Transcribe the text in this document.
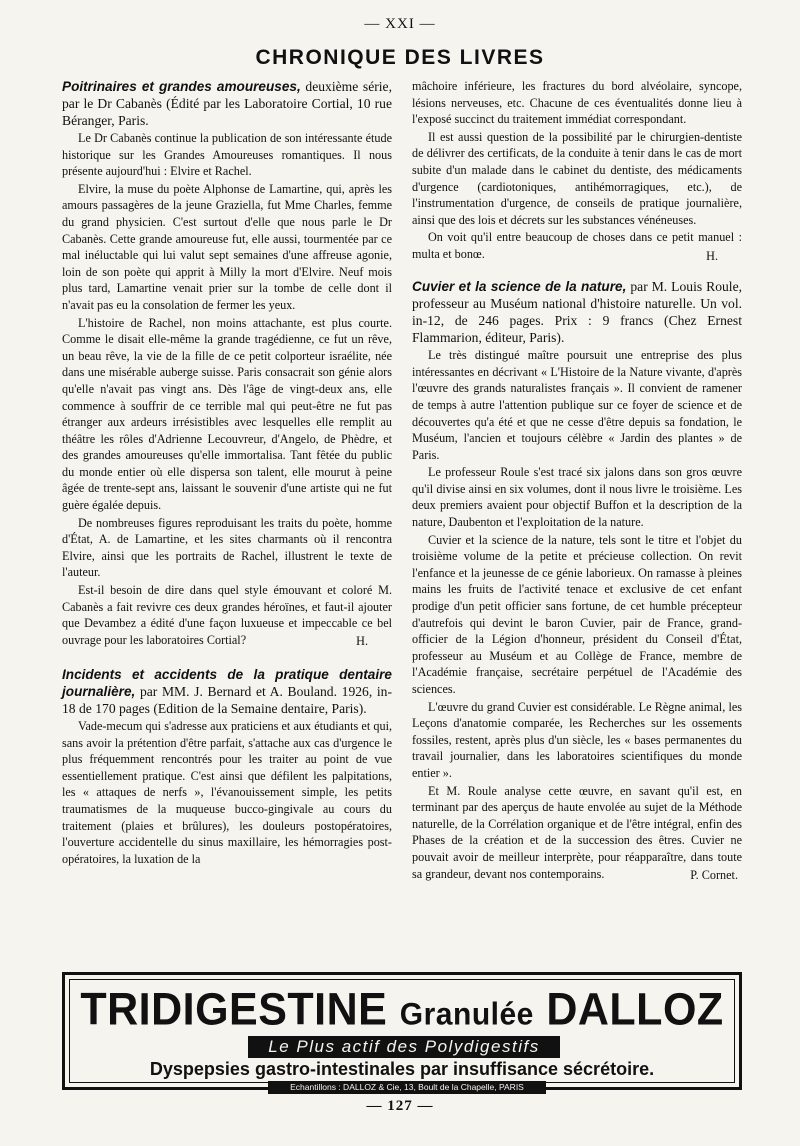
— XXI —
CHRONIQUE DES LIVRES

Poitrinaires et grandes amoureuses, deuxième série, par le Dr Cabanès (Édité par les Laboratoire Cortial, 10 rue Béranger, Paris.

Le Dr Cabanès continue la publication de son intéressante étude historique sur les Grandes Amoureuses romantiques. Il nous présente aujourd'hui : Elvire et Rachel.

Elvire, la muse du poète Alphonse de Lamartine, qui, après les amours passagères de la jeune Graziella, fut Mme Charles, femme du grand physicien. C'est surtout d'elle que nous parle le Dr Cabanès. Cette grande amoureuse fut, elle aussi, tourmentée par ce mal inéluctable qui lui valut sept semaines d'une affreuse agonie, loin de son poète qui apprit à Milly la mort d'Elvire. Neuf mois plus tard, Lamartine venait prier sur la tombe de celle dont il n'avait pas eu la consolation de fermer les yeux.

L'histoire de Rachel, non moins attachante, est plus courte. Comme le disait elle-même la grande tragédienne, ce fut un rêve, un beau rêve, la vie de la fille de ce petit colporteur israélite, née dans une misérable auberge suisse. Paris consacrait son génie alors qu'elle n'avait pas vingt ans. Dès l'âge de vingt-deux ans, elle commence à souffrir de ce terrible mal qui peut-être ne fut pas étranger aux ardeurs irrésistibles avec lesquelles elle remplit au théâtre les rôles d'Adrienne Lecouvreur, d'Angelo, de Phèdre, et des grandes amoureuses qu'elle immortalisa. Tant fêtée du public du monde entier où elle dispersa son talent, elle mourut à peine âgée de trente-sept ans, laissant le souvenir d'une artiste qui ne fut guère égalée depuis.

De nombreuses figures reproduisant les traits du poète, homme d'État, A. de Lamartine, et les sites charmants où il rencontra Elvire, ainsi que les portraits de Rachel, illustrent le texte de l'auteur.

Est-il besoin de dire dans quel style émouvant et coloré M. Cabanès a fait revivre ces deux grandes héroïnes, et faut-il ajouter que Devambez a édité d'une façon luxueuse et impeccable ce bel ouvrage pour les laboratoires Cortial?	H.

Incidents et accidents de la pratique dentaire journalière, par MM. J. Bernard et A. Bouland. 1926, in-18 de 170 pages (Edition de la Semaine dentaire, Paris).

Vade-mecum qui s'adresse aux praticiens et aux étudiants et qui, sans avoir la prétention d'être parfait, s'attache aux cas d'urgence le plus fréquemment rencontrés pour les traiter au point de vue essentiellement pratique. C'est ainsi que défilent les palpitations, les « attaques de nerfs », l'évanouissement simple, les petits traumatismes de la muqueuse bucco-gingivale au cours du traitement (plaies et brûlures), les douleurs postopératoires, l'ouverture accidentelle du sinus maxillaire, les hémorragies post-opératoires, la luxation de la

mâchoire inférieure, les fractures du bord alvéolaire, syncope, lésions nerveuses, etc. Chacune de ces éventualités donne lieu à l'exposé succinct du traitement immédiat correspondant.

Il est aussi question de la possibilité par le chirurgien-dentiste de délivrer des certificats, de la conduite à tenir dans le cas de mort subite d'un malade dans le cabinet du dentiste, des médicaments d'urgence (cardiotoniques, antihémorragiques, etc.), de l'instrumentation d'urgence, de conseils de pratique journalière, ainsi que des lois et décrets sur les substances vénéneuses.

On voit qu'il entre beaucoup de choses dans ce petit manuel : multa et bonœ.	H.

Cuvier et la science de la nature, par M. Louis Roule, professeur au Muséum national d'histoire naturelle. Un vol. in-12, de 246 pages. Prix : 9 francs (Chez Ernest Flammarion, éditeur, Paris).

Le très distingué maître poursuit une entreprise des plus intéressantes en décrivant « L'Histoire de la Nature vivante, d'après l'œuvre des grands naturalistes français ». Il convient de ramener de temps à autre l'attention publique sur ce foyer de science et de découvertes qu'a été et que ne cesse d'être depuis sa fondation, le Muséum, l'ancien et toujours célèbre « Jardin des plantes » de Paris.

Le professeur Roule s'est tracé six jalons dans son gros œuvre qu'il divise ainsi en six volumes, dont il nous livre le troisième. Les deux premiers avaient pour objectif Buffon et la description de la nature, Daubenton et l'exploitation de la nature.

Cuvier et la science de la nature, tels sont le titre et l'objet du troisième volume de la petite et précieuse collection. On revit l'enfance et la jeunesse de ce génie laborieux. On ramasse à pleines mains les fruits de l'activité tenace et exclusive de cet enfant prodige d'un petit officier sans fortune, de cet humble précepteur d'autrefois qui devint le baron Cuvier, pair de France, grand-officier de la Légion d'honneur, président du Conseil d'État, professeur au Muséum et au Collège de France, membre de l'Académie française, secrétaire perpétuel de l'Académie des sciences.

L'œuvre du grand Cuvier est considérable. Le Règne animal, les Leçons d'anatomie comparée, les Recherches sur les ossements fossiles, restent, après plus d'un siècle, les « bases permanentes du travail journalier, dans les laboratoires scientifiques du monde entier ».

Et M. Roule analyse cette œuvre, en savant qu'il est, en terminant par des aperçus de haute envolée au sujet de la Méthode naturelle, de la Corrélation organique et de l'être intégral, enfin des Phases de la création et de la succession des êtres. Cuvier ne pouvait avoir de meilleur interprète, pour réapparaître, dans toute sa grandeur, devant nos contemporains.	P. Cornet.

TRIDIGESTINE Granulée DALLOZ
Le Plus actif des Polydigestifs
Dyspepsies gastro-intestinales par insuffisance sécrétoire.
Echantillons : DALLOZ & Cie, 13, Boult de la Chapelle, PARIS
— 127 —
